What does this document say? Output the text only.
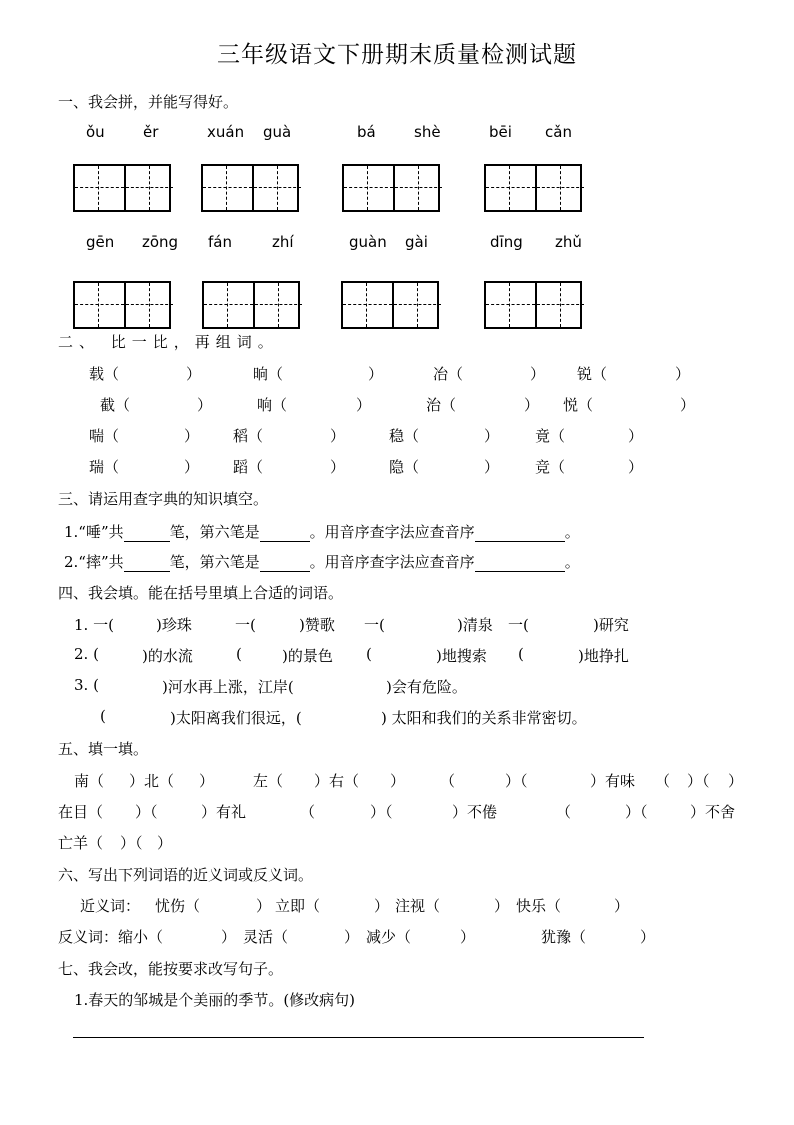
三年级语文下册期末质量检测试题
一、我会拼，并能写得好。
ǒu	ěr	xuán guà	bá	shè	bēi cǎn
gēn zōng fán	zhí	guàn gài	dīng zhǔ
二、 比一比，再组词。
载（	）	晌（	）	冶（	） 锐（	）
截（	）	响（	）	治（	） 悦（	）
喘（	） 稻（	）	稳（	） 竟（	）
瑞（	） 蹈（	）	隐（	） 竞（	）
三、请运用查字典的知识填空。
1.“唾”共	笔，第六笔是	。用音序查字法应查音序	。
2.“摔”共	笔，第六笔是	。用音序查字法应查音序	。
四、我会填。能在括号里填上合适的词语。
1. 一(	)珍珠	一(	)赞歌 一(	)清泉 一(	)研究
2. (	)的水流	(	)的景色 (	)地搜索 (	)地挣扎
3. (	)河水再上涨，江岸(	)会有危险。
(	)太阳离我们很远，(	) 太阳和我们的关系非常密切。
五、填一填。
南（ ）北（ ）	左（ ）右（ ） （	）（	）有味 （ ）（ ）
在目（ ）（	）有礼	（	）（	）不倦	（	）（	）不舍
亡羊（ ）（ ）
六、写出下列词语的近义词或反义词。
近义词： 忧伤（	） 立即（	） 注视（	） 快乐（	）
反义词：缩小（	） 灵活（	） 减少（	）	犹豫（	）
七、我会改，能按要求改写句子。
1.春天的邹城是个美丽的季节。(修改病句)
